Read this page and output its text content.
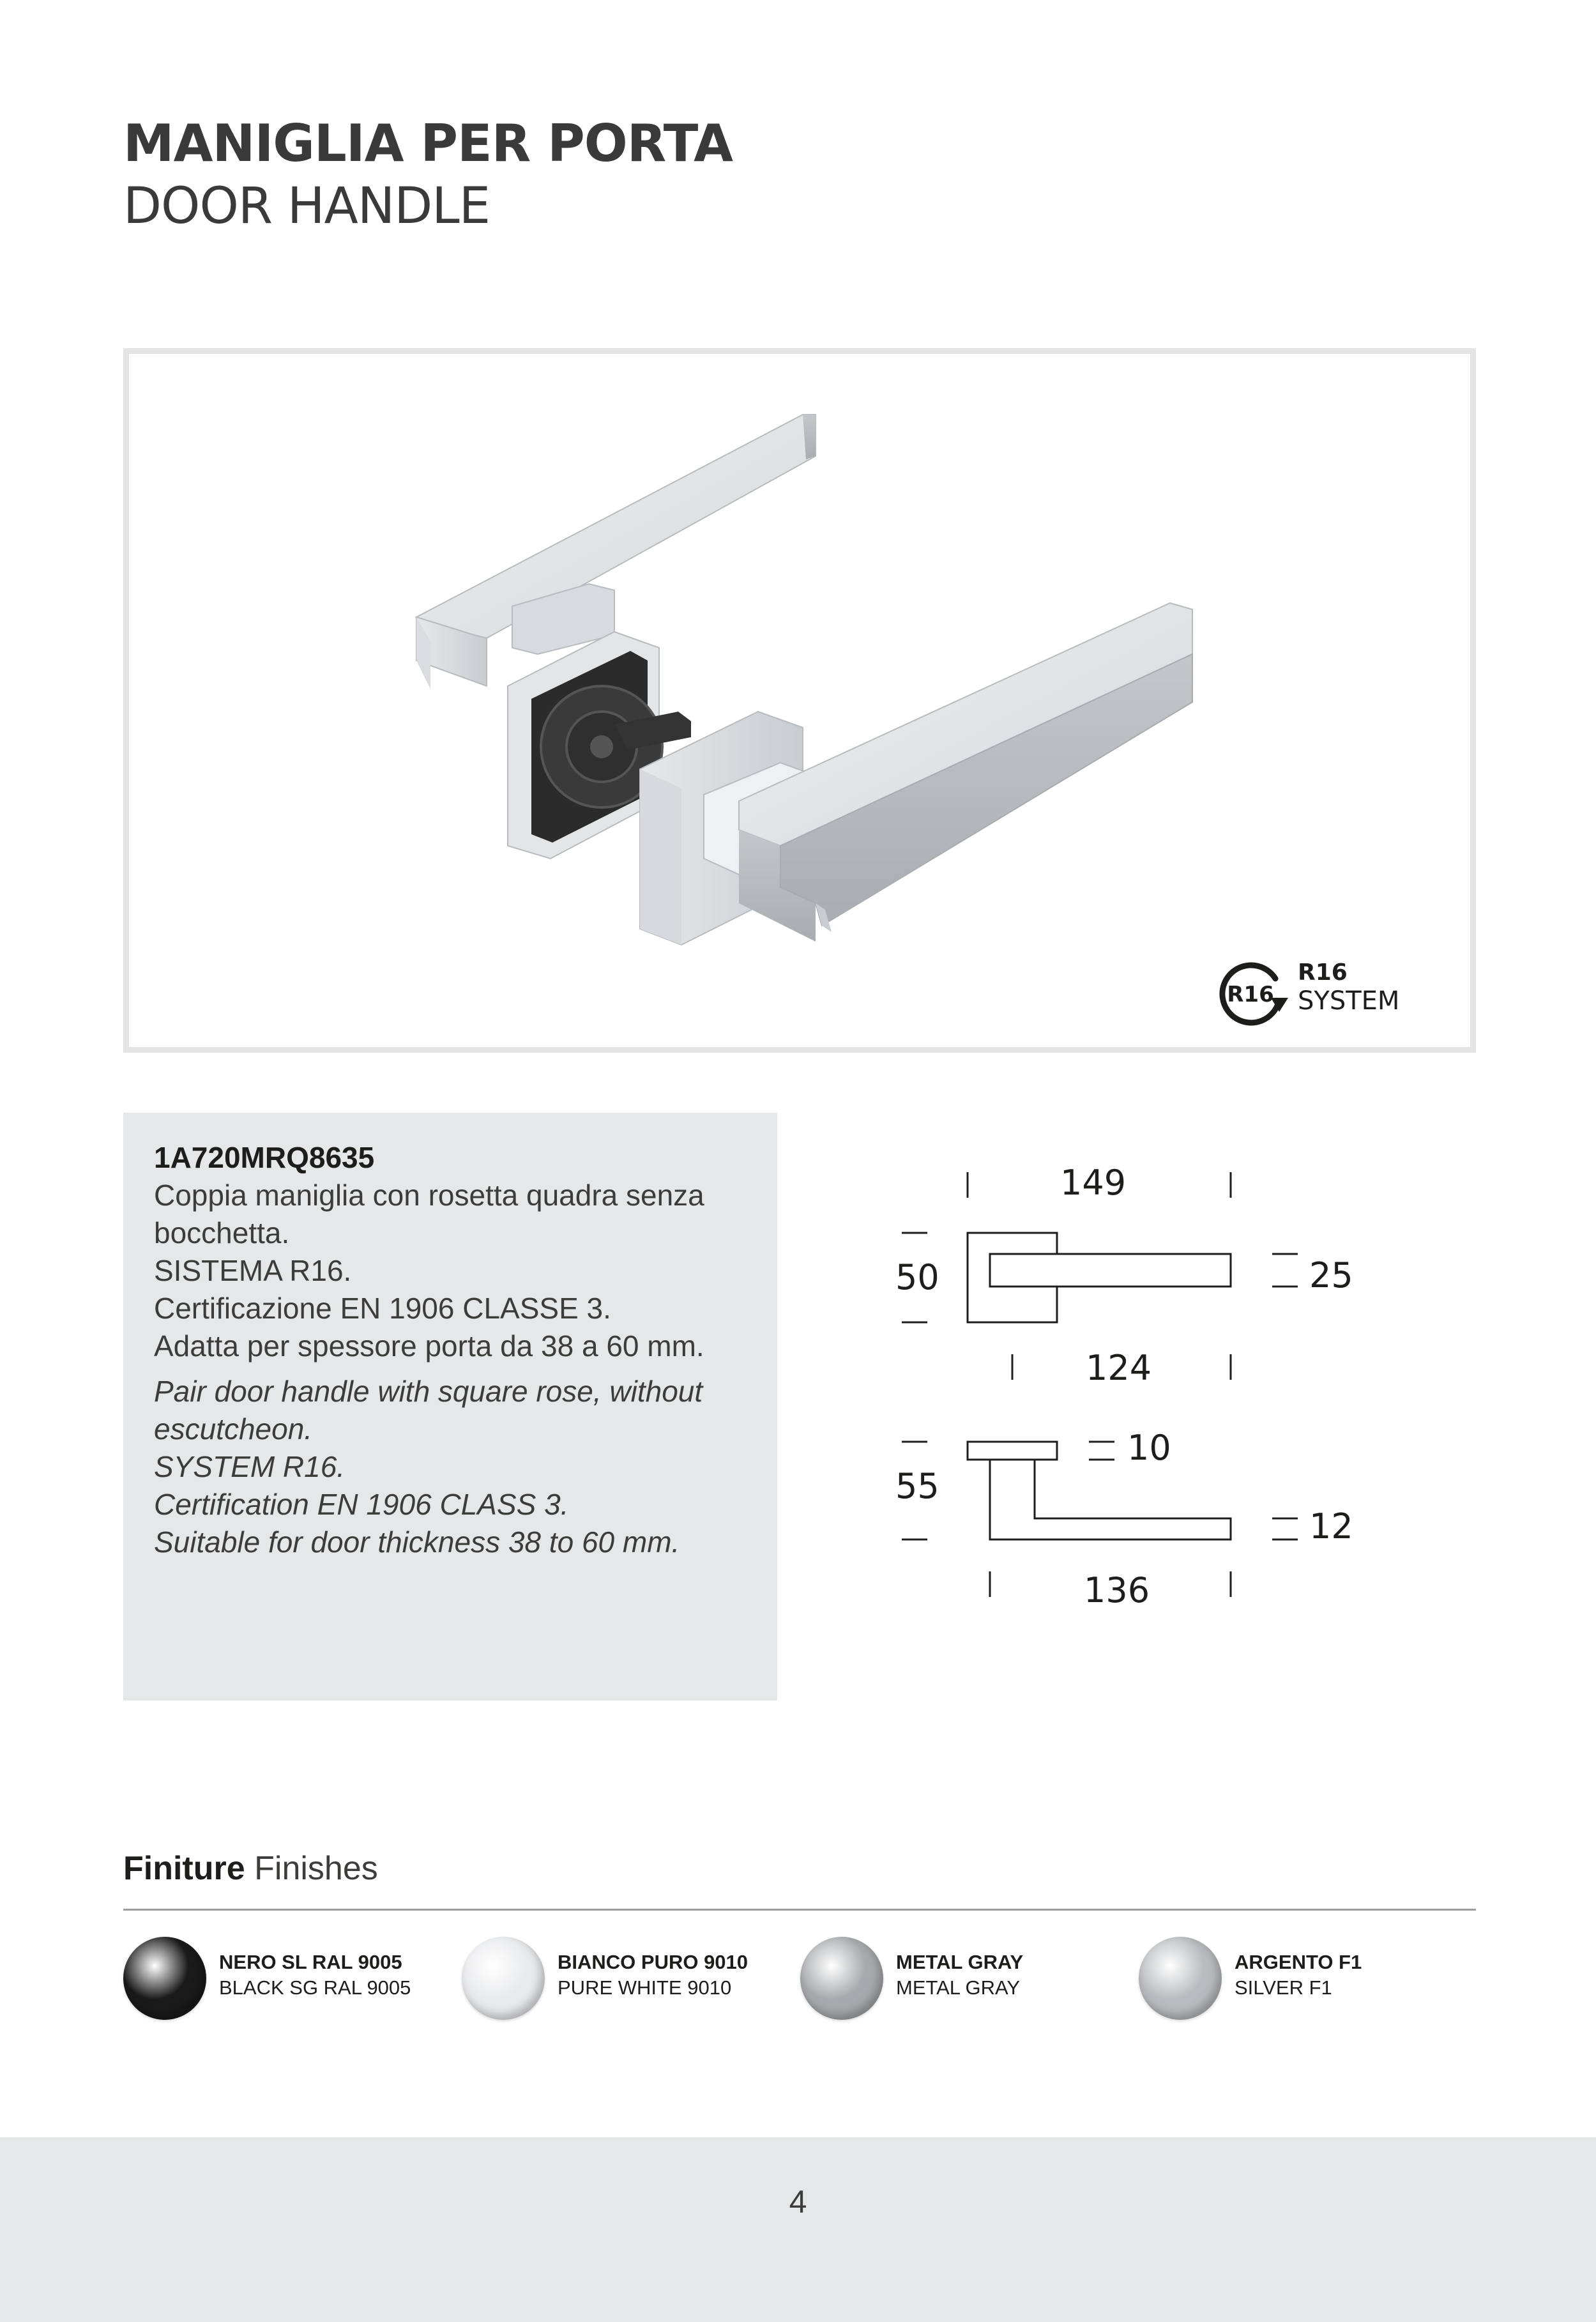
MANIGLIA PER PORTA
DOOR HANDLE
R16
R16
SYSTEM
1A720MRQ8635
Coppia maniglia con rosetta quadra senza
bocchetta.
SISTEMA R16.
Certificazione EN 1906 CLASSE 3.
Adatta per spessore porta da 38 a 60 mm.
Pair door handle with square rose, without
escutcheon.
SYSTEM R16.
Certification EN 1906 CLASS 3.
Suitable for door thickness 38 to 60 mm.
149
50	25
124
10
55
12
136
Finiture Finishes
NERO SL RAL 9005
BLACK SG RAL 9005
BIANCO PURO 9010
PURE WHITE 9010
METAL GRAY
METAL GRAY
ARGENTO F1
SILVER F1
4
